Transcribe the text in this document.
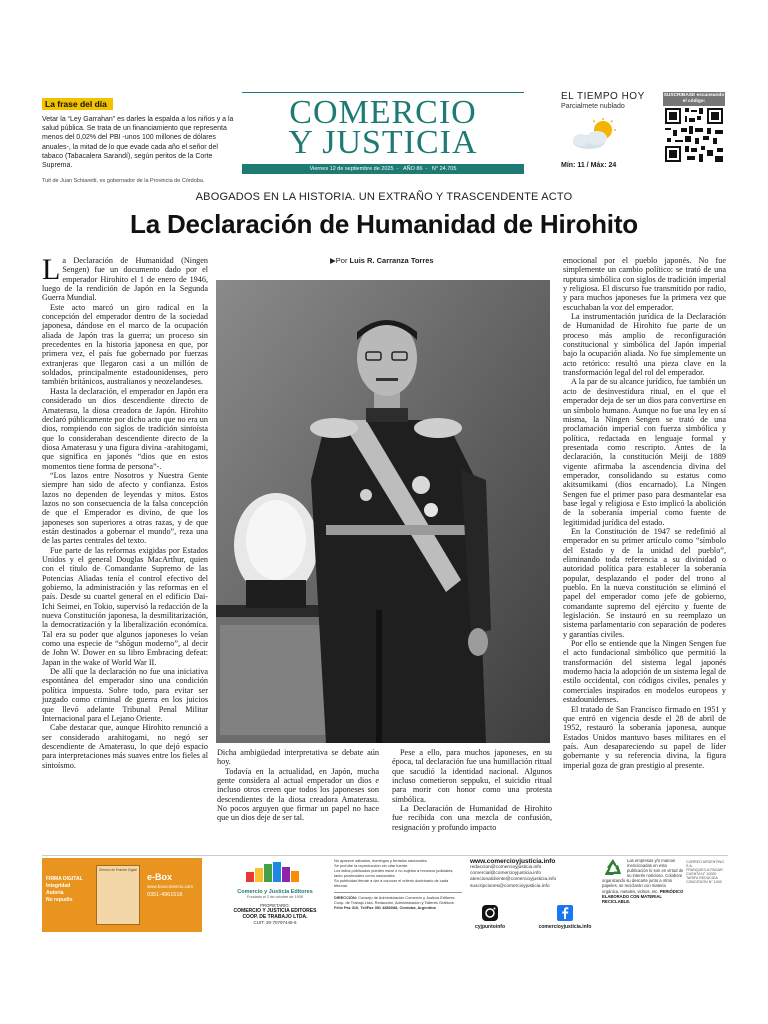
La frase del día
Vetar la “Ley Garrahan” es darles la espalda a los niños y a la salud pública. Se trata de un financiamiento que representa menos del 0,02% del PBI -unos 100 millones de dólares anuales-, la mitad de lo que evade cada año el señor del tabaco (Tabacalera Sarandí), según peritos de la Corte Suprema.
Tuit de Juan Schiaretti, ex gobernador de la Provincia de Córdoba.
COMERCIO
Y JUSTICIA
Viernes 12 de septiembre de 2025 - AÑO 86 - N° 24.705
EL TIEMPO HOY
Parcialmete nublado
Mín: 11 / Máx: 24
SUSCRIBASE escaneando el código:
ABOGADOS EN LA HISTORIA. UN EXTRAÑO Y TRASCENDENTE ACTO
La Declaración de Humanidad de Hirohito

La Declaración de Humanidad (Ningen Sengen) fue un documento dado por el emperador Hirohito el 1 de enero de 1946, luego de la rendición de Japón en la Segunda Guerra Mundial.

Este acto marcó un giro radical en la concepción del emperador dentro de la sociedad japonesa, dándose en el marco de la ocupación aliada de Japón tras la guerra; un proceso sin precedentes en la historia japonesa en que, por primera vez, el país fue gobernado por fuerzas extranjeras que llegaron casi a un millón de soldados, principalmente estadounidenses, pero también británicos, australianos y neozelandeses.

Hasta la declaración, el emperador en Japón era considerado un dios descendiente directo de Amaterasu, la diosa creadora de Japón. Hirohito declaró públicamente por dicho acto que no era un dios, rompiendo con siglos de tradición sintoísta que lo consideraban descendiente directo de la diosa Amaterasu y una figura divina -arahitogami, que significa en japonés “dios que en estos momentos tiene forma de persona”-.

“Los lazos entre Nosotros y Nuestra Gente siempre han sido de afecto y confianza. Estos lazos no dependen de leyendas y mitos. Estos lazos no son consecuencia de la falsa concepción de que el Emperador es divino, de que los japoneses son superiores a otras razas, y de que están destinados a gobernar el mundo”, reza una de las partes centrales del texto.

Fue parte de las reformas exigidas por Estados Unidos y el general Douglas MacArthur, quien con el título de Comandante Supremo de las Potencias Aliadas tenía el control efectivo del gobierno, la administración y las reformas en el país. Desde su cuartel general en el edificio Dai-Ichi Seimei, en Tokio, supervisó la redacción de la nueva Constitución japonesa, la desmilitarización, la democratización y la liberalización económica. Tal era su poder que algunos japoneses lo veían como una especie de “shōgun moderno”, al decir de John W. Dower en su libro Embracing defeat: Japan in the wake of World War II.

De allí que la declaración no fue una iniciativa espontánea del emperador sino una condición política impuesta. Sobre todo, para evitar ser juzgado como criminal de guerra en los juicios que llevó adelante Tribunal Penal Militar Internacional para el Lejano Oriente.

Cabe destacar que, aunque Hirohito renunció a ser considerado arahitogami, no negó ser descendiente de Amaterasu, lo que dejó espacio para interpretaciones más suaves entre los fieles al sintoísmo.

▶Por Luis R. Carranza Torres

Dicha ambigüedad interpretativa se debate aún hoy.

Todavía en la actualidad, en Japón, mucha gente considera al actual emperador un dios e incluso otros creen que todos los japoneses son descendientes de la diosa creadora Amaterasu. No pocos arguyen que firmar un papel no hace que un dios deje de ser tal.

Pese a ello, para muchos japoneses, en su época, tal declaración fue una humillación ritual que sacudió la identidad nacional. Algunos incluso cometieron seppuku, el suicidio ritual para morir con honor como una protesta simbólica.

La Declaración de Humanidad de Hirohito fue recibida con una mezcla de confusión, resignación y profundo impacto

emocional por el pueblo japonés. No fue simplemente un cambio político: se trató de una ruptura simbólica con siglos de tradición imperial y religiosa. El discurso fue transmitido por radio, y para muchos japoneses fue la primera vez que escuchaban la voz del emperador.

La instrumentación jurídica de la Declaración de Humanidad de Hirohito fue parte de un proceso más amplio de reconfiguración constitucional y simbólica del Japón imperial bajo la ocupación aliada. No fue simplemente un acto retórico: resultó una pieza clave en la transformación legal del rol del emperador.

A la par de su alcance jurídico, fue también un acto de desinvestidura ritual, en el que el emperador deja de ser un dios para convertirse en un símbolo humano. Aunque no fue una ley en sí misma, la Ningen Sengen se trató de una proclamación imperial con fuerza simbólica y política, redactada en lenguaje formal y presentada como rescripto. Antes de la declaración, la constitución Meiji de 1889 vigente afirmaba la ascendencia divina del emperador, consolidando su estatus como akitsumikami (dios encarnado). La Ningen Sengen fue el primer paso para desmantelar esa base legal y religiosa e Esto implicó la abolición de la soberanía imperial como fuente de legitimidad jurídica del estado.

En la Constitución de 1947 se redefinió al emperador en su primer artículo como “símbolo del Estado y de la unidad del pueblo”, eliminando toda referencia a su divinidad o autoridad política para establecer la soberanía popular, desplazando el poder del trono al pueblo. En la nueva constitución se eliminó el papel del emperador como jefe de gobierno, comandante supremo del ejército y fuente de legislación. Se instauró en su reemplazo un sistema parlamentario con separación de poderes y garantías civiles.

Por ello se entiende que la Ningen Sengen fue el acto fundacional simbólico que permitió la transformación del sistema legal japonés moderno hacia la adopción de un sistema legal de estilo occidental, con códigos civiles, penales y comerciales inspirados en modelos europeos y estadounidenses.

El tratado de San Francisco firmado en 1951 y que entró en vigencia desde el 28 de abril de 1952, restauró la soberanía japonesa, aunque Estados Unidos mantuvo bases militares en el país. Aun desapareciendo su papel de líder gobernante y su referencia divina, la figura imperial goza de gran prestigio al presente.

FIRMA DIGITAL
Integridad
Autoría
No repudio
Servicio de Emisión Digital
e-Box
www.boxcomercio.com
0351-4961518	Comercio y Justicia Editores
Fundado el 2 de octubre de 1939
PROPIETARIO:
COMERCIO Y JUSTICIA EDITORES
COOP. DE TRABAJO LTDA.
CUIT: 30-70797446-6
No aparece sábados, domingos y feriados nacionales.
Se prohíbe la reproducción sin citar fuente.
Los fallos publicados pueden estar o no sujetos a recursos judiciales, tanto provinciales como nacionales.
Su publicidad tiende a dar a conocer el criterio doctrinario de cada tribunal.
DIRECCIÓN: Consejo de Administración Comercio y Justicia Editores Coop. de Trabajo Ltda. Redacción, Administración y Talleres Gráficos: Félix Paz 310, Tel/Fax 351 4880088, Córdoba, Argentina
www.comercioyjusticia.info
redaccion@comercioyjusticia.info
comercial@comercioyjusticia.info
atencionalcliente@comercioyjusticia.info
suscripciones@comercioyjusticia.info
cyjpuntoinfo	comercioyjusticia.info
Las empresas y/o marcas mencionadas en esta publicación lo son en virtud de su interés noticioso. Colabore organizando su descarte junto a otros papeles, se reciclarán con materia orgánica, metales, vidrios, etc. PERIÓDICO ELABORADO CON MATERIAL RECICLABLE.
CORREO ARGENTINO
S.A.
FRANQUEO A PAGAR
CUENTA N° 10000
TARIFA REDUCIDA
CONCESIÓN N° 1000
